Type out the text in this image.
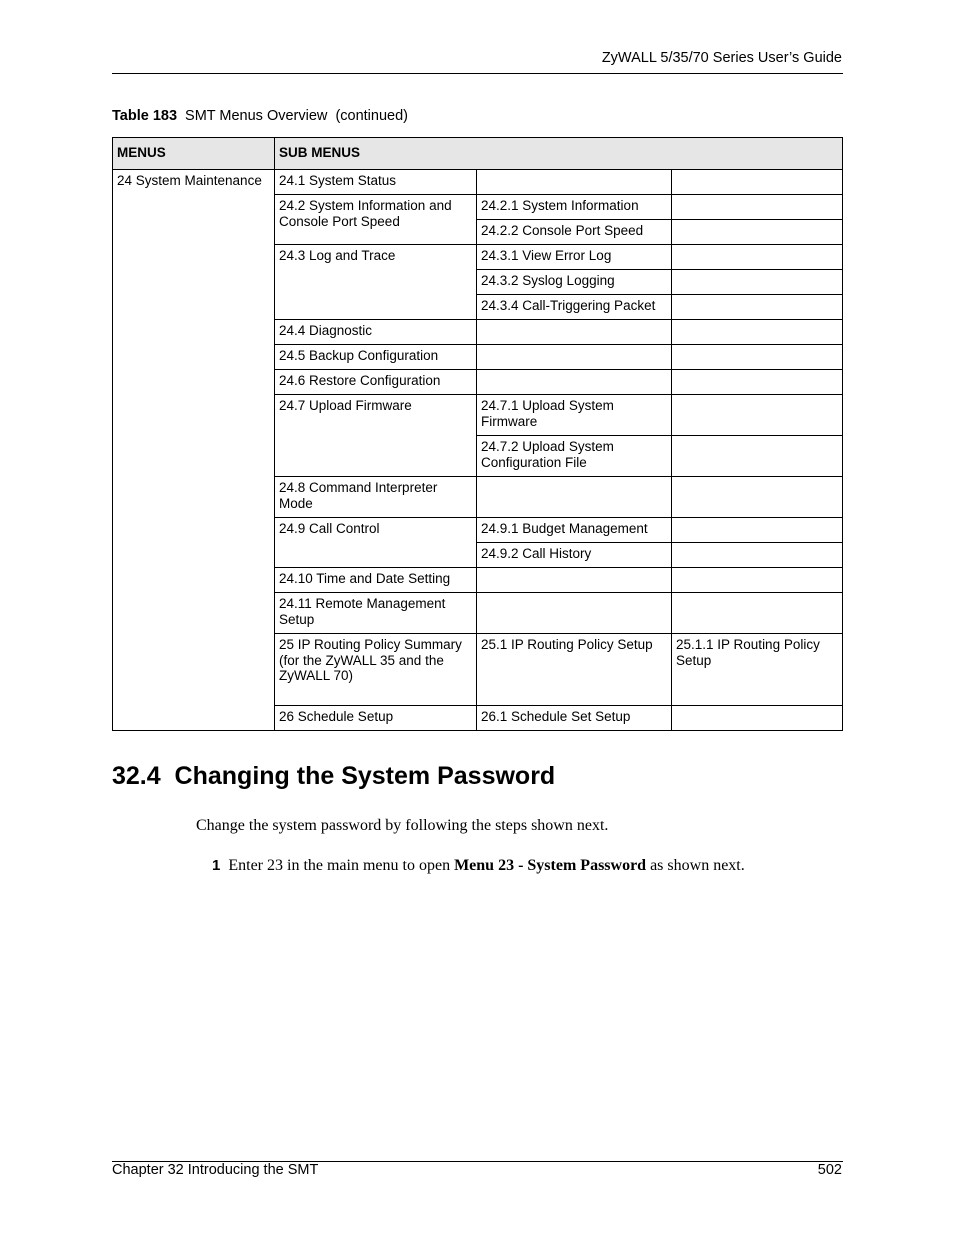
ZyWALL 5/35/70 Series User’s Guide
Table 183 SMT Menus Overview  (continued)
MENUS	SUB MENUS			
24 System Maintenance	24.1 System Status			
	24.2 System Information and Console Port Speed	24.2.1 System Information		
		24.2.2 Console Port Speed		
	24.3 Log and Trace	24.3.1 View Error Log		
		24.3.2 Syslog Logging		
		24.3.4 Call-Triggering Packet		
	24.4 Diagnostic			
	24.5 Backup Configuration			
	24.6 Restore Configuration			
	24.7 Upload Firmware	24.7.1 Upload System Firmware		
		24.7.2 Upload System Configuration File		
	24.8 Command Interpreter Mode			
	24.9 Call Control	24.9.1 Budget Management		
		24.9.2 Call History		
	24.10 Time and Date Setting			
	24.11 Remote Management Setup			
	25 IP Routing Policy Summary (for the ZyWALL 35 and the ZyWALL 70)	25.1 IP Routing Policy Setup	25.1.1 IP Routing Policy Setup	
	26 Schedule Setup	26.1 Schedule Set Setup		
32.4  Changing the System Password
Change the system password by following the steps shown next.
1 Enter 23 in the main menu to open Menu 23 - System Password as shown next.
Chapter 32 Introducing the SMT	502
